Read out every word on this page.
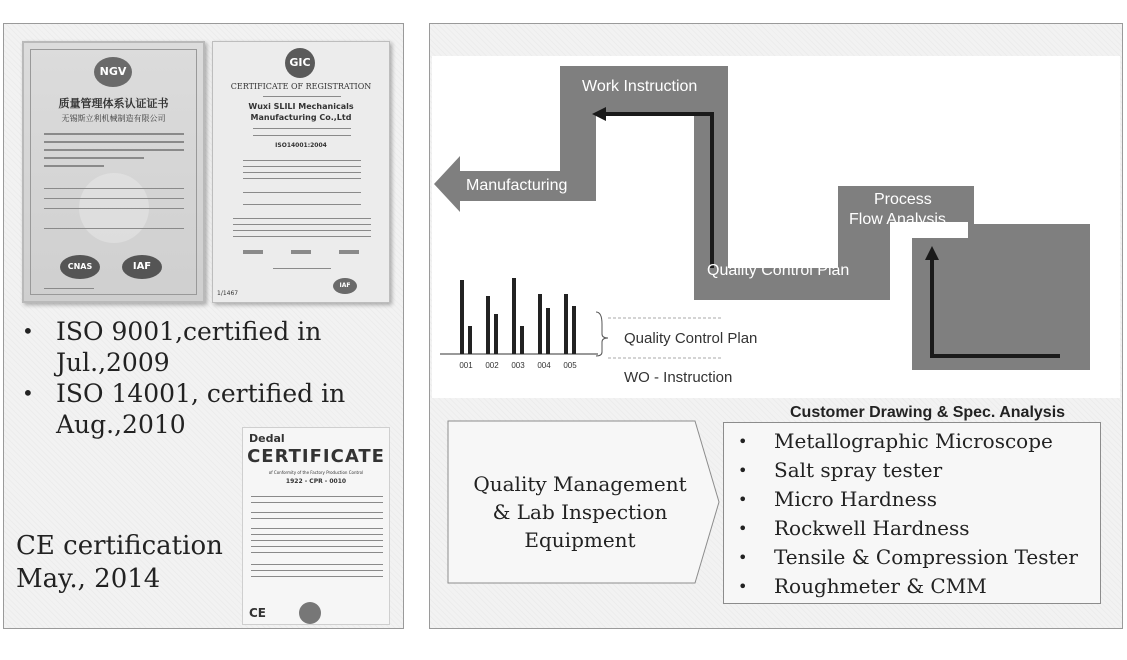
NGV
质量管理体系认证证书
无锡斯立利机械制造有限公司
CNAS	IAF
GIC
CERTIFICATE OF REGISTRATION
Wuxi SLILI Mechanicals
Manufacturing Co.,Ltd
ISO14001:2004
IAF
1/1467
• ISO 9001,certified in Jul.,2009
• ISO 14001, certified in Aug.,2010
CE certification
May., 2014
Dedal
CERTIFICATE
of Conformity of the Factory Production Control
1922 - CPR - 0010
CE
001 002 003 004 005
Work Instruction
Manufacturing
Process
Flow Analysis
Quality Control Plan
Customer Drawing & Spec. Analysis
Quality Control Plan
WO - Instruction
Quality Management
& Lab Inspection
Equipment
• Metallographic Microscope
• Salt spray tester
• Micro Hardness
• Rockwell Hardness
• Tensile & Compression Tester
• Roughmeter & CMM
